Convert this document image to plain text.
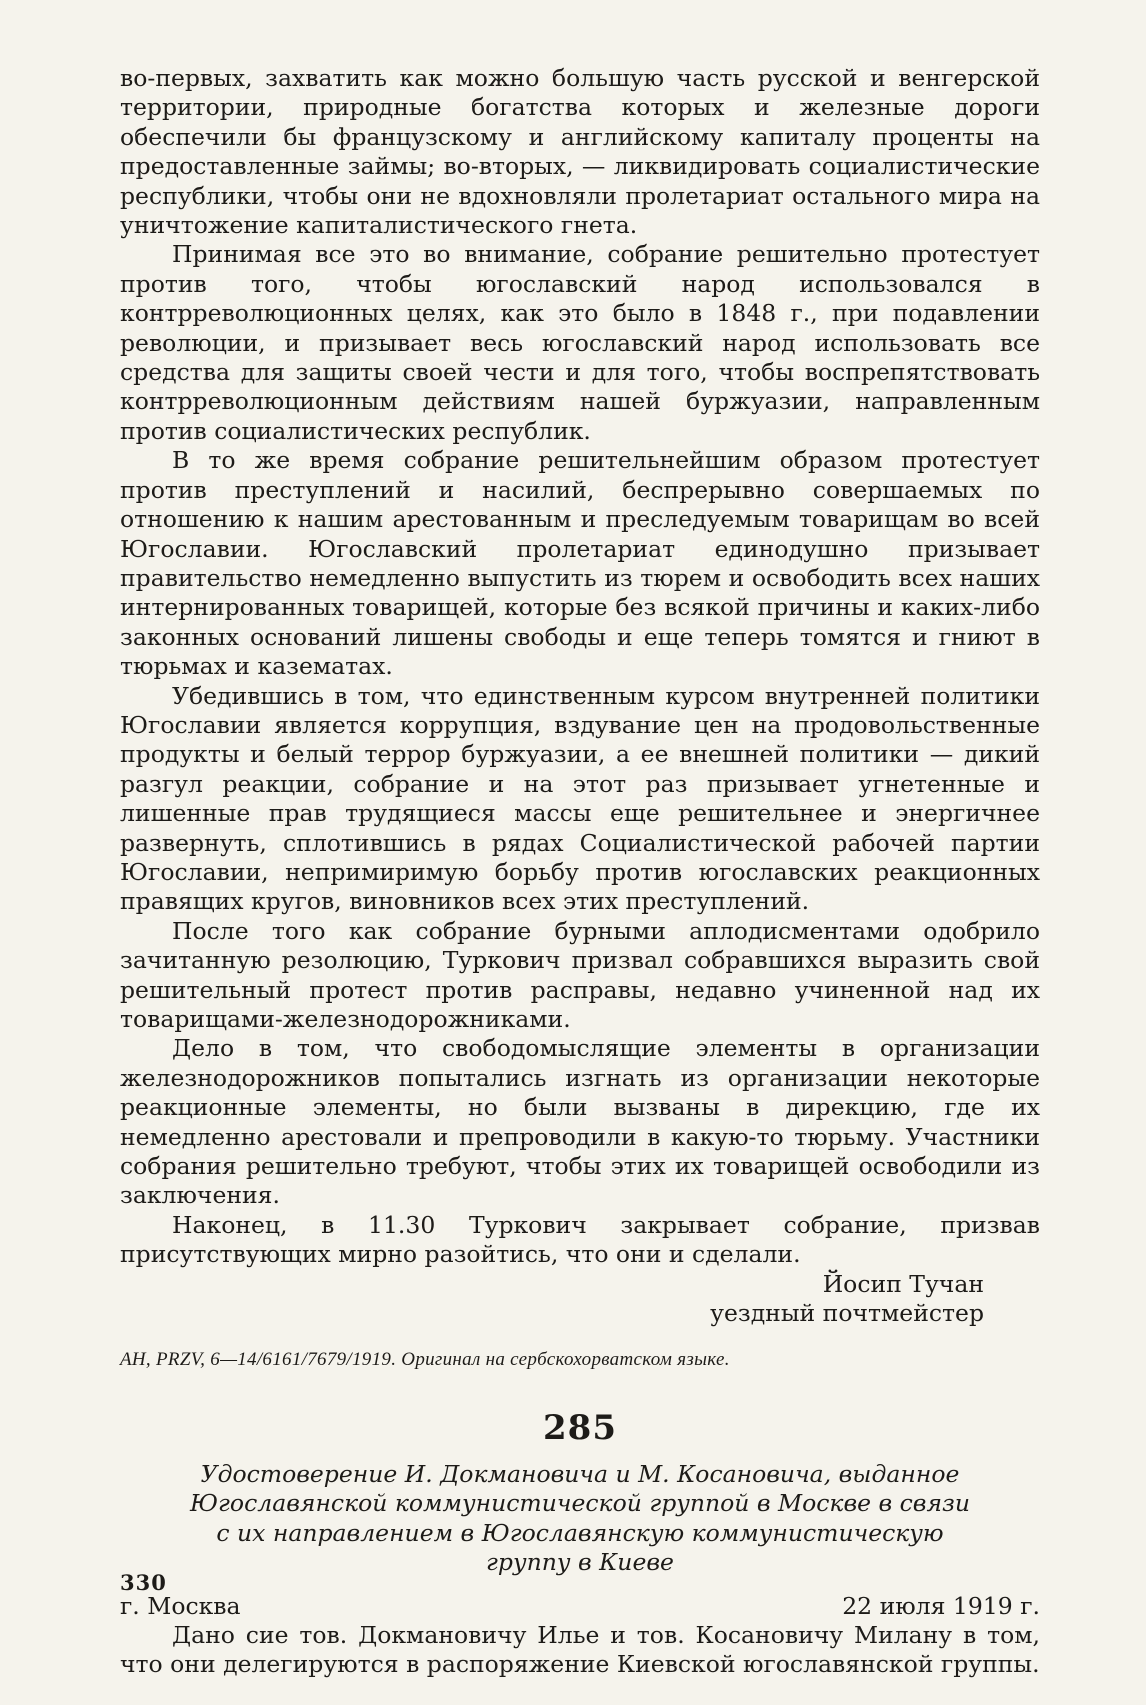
во-первых, захватить как можно большую часть русской и венгерской территории, природные богатства которых и железные дороги обеспечили бы французскому и английскому капиталу проценты на предоставленные займы; во-вторых, — ликвидировать социалистические республики, чтобы они не вдохновляли пролетариат остального мира на уничтожение капиталистического гнета.

Принимая все это во внимание, собрание решительно протестует против того, чтобы югославский народ использовался в контрреволюционных целях, как это было в 1848 г., при подавлении революции, и призывает весь югославский народ использовать все средства для защиты своей чести и для того, чтобы воспрепятствовать контрреволюционным действиям нашей буржуазии, направленным против социалистических республик.

В то же время собрание решительнейшим образом протестует против преступлений и насилий, беспрерывно совершаемых по отношению к нашим арестованным и преследуемым товарищам во всей Югославии. Югославский пролетариат единодушно призывает правительство немедленно выпустить из тюрем и освободить всех наших интернированных товарищей, которые без всякой причины и каких-либо законных оснований лишены свободы и еще теперь томятся и гниют в тюрьмах и казематах.

Убедившись в том, что единственным курсом внутренней политики Югославии является коррупция, вздувание цен на продовольственные продукты и белый террор буржуазии, а ее внешней политики — дикий разгул реакции, собрание и на этот раз призывает угнетенные и лишенные прав трудящиеся массы еще решительнее и энергичнее развернуть, сплотившись в рядах Социалистической рабочей партии Югославии, непримиримую борьбу против югославских реакционных правящих кругов, виновников всех этих преступлений.

После того как собрание бурными аплодисментами одобрило зачитанную резолюцию, Туркович призвал собравшихся выразить свой решительный протест против расправы, недавно учиненной над их товарищами-железнодорожниками.

Дело в том, что свободомыслящие элементы в организации железнодорожников попытались изгнать из организации некоторые реакционные элементы, но были вызваны в дирекцию, где их немедленно арестовали и препроводили в какую-то тюрьму. Участники собрания решительно требуют, чтобы этих их товарищей освободили из заключения.

Наконец, в 11.30 Туркович закрывает собрание, призвав присутствующих мирно разойтись, что они и сделали.

Йосип Тучан
уездный почтмейстер
АН, PRZV, 6—14/6161/7679/1919. Оригинал на сербскохорватском языке.
285
Удостоверение И. Докмановича и М. Косановича, выданное Югославянской коммунистической группой в Москве в связи с их направлением в Югославянскую коммунистическую группу в Киеве
г. Москва	22 июля 1919 г.

Дано сие тов. Докмановичу Илье и тов. Косановичу Милану в том, что они делегируются в распоряжение Киевской югославянской группы.

330
